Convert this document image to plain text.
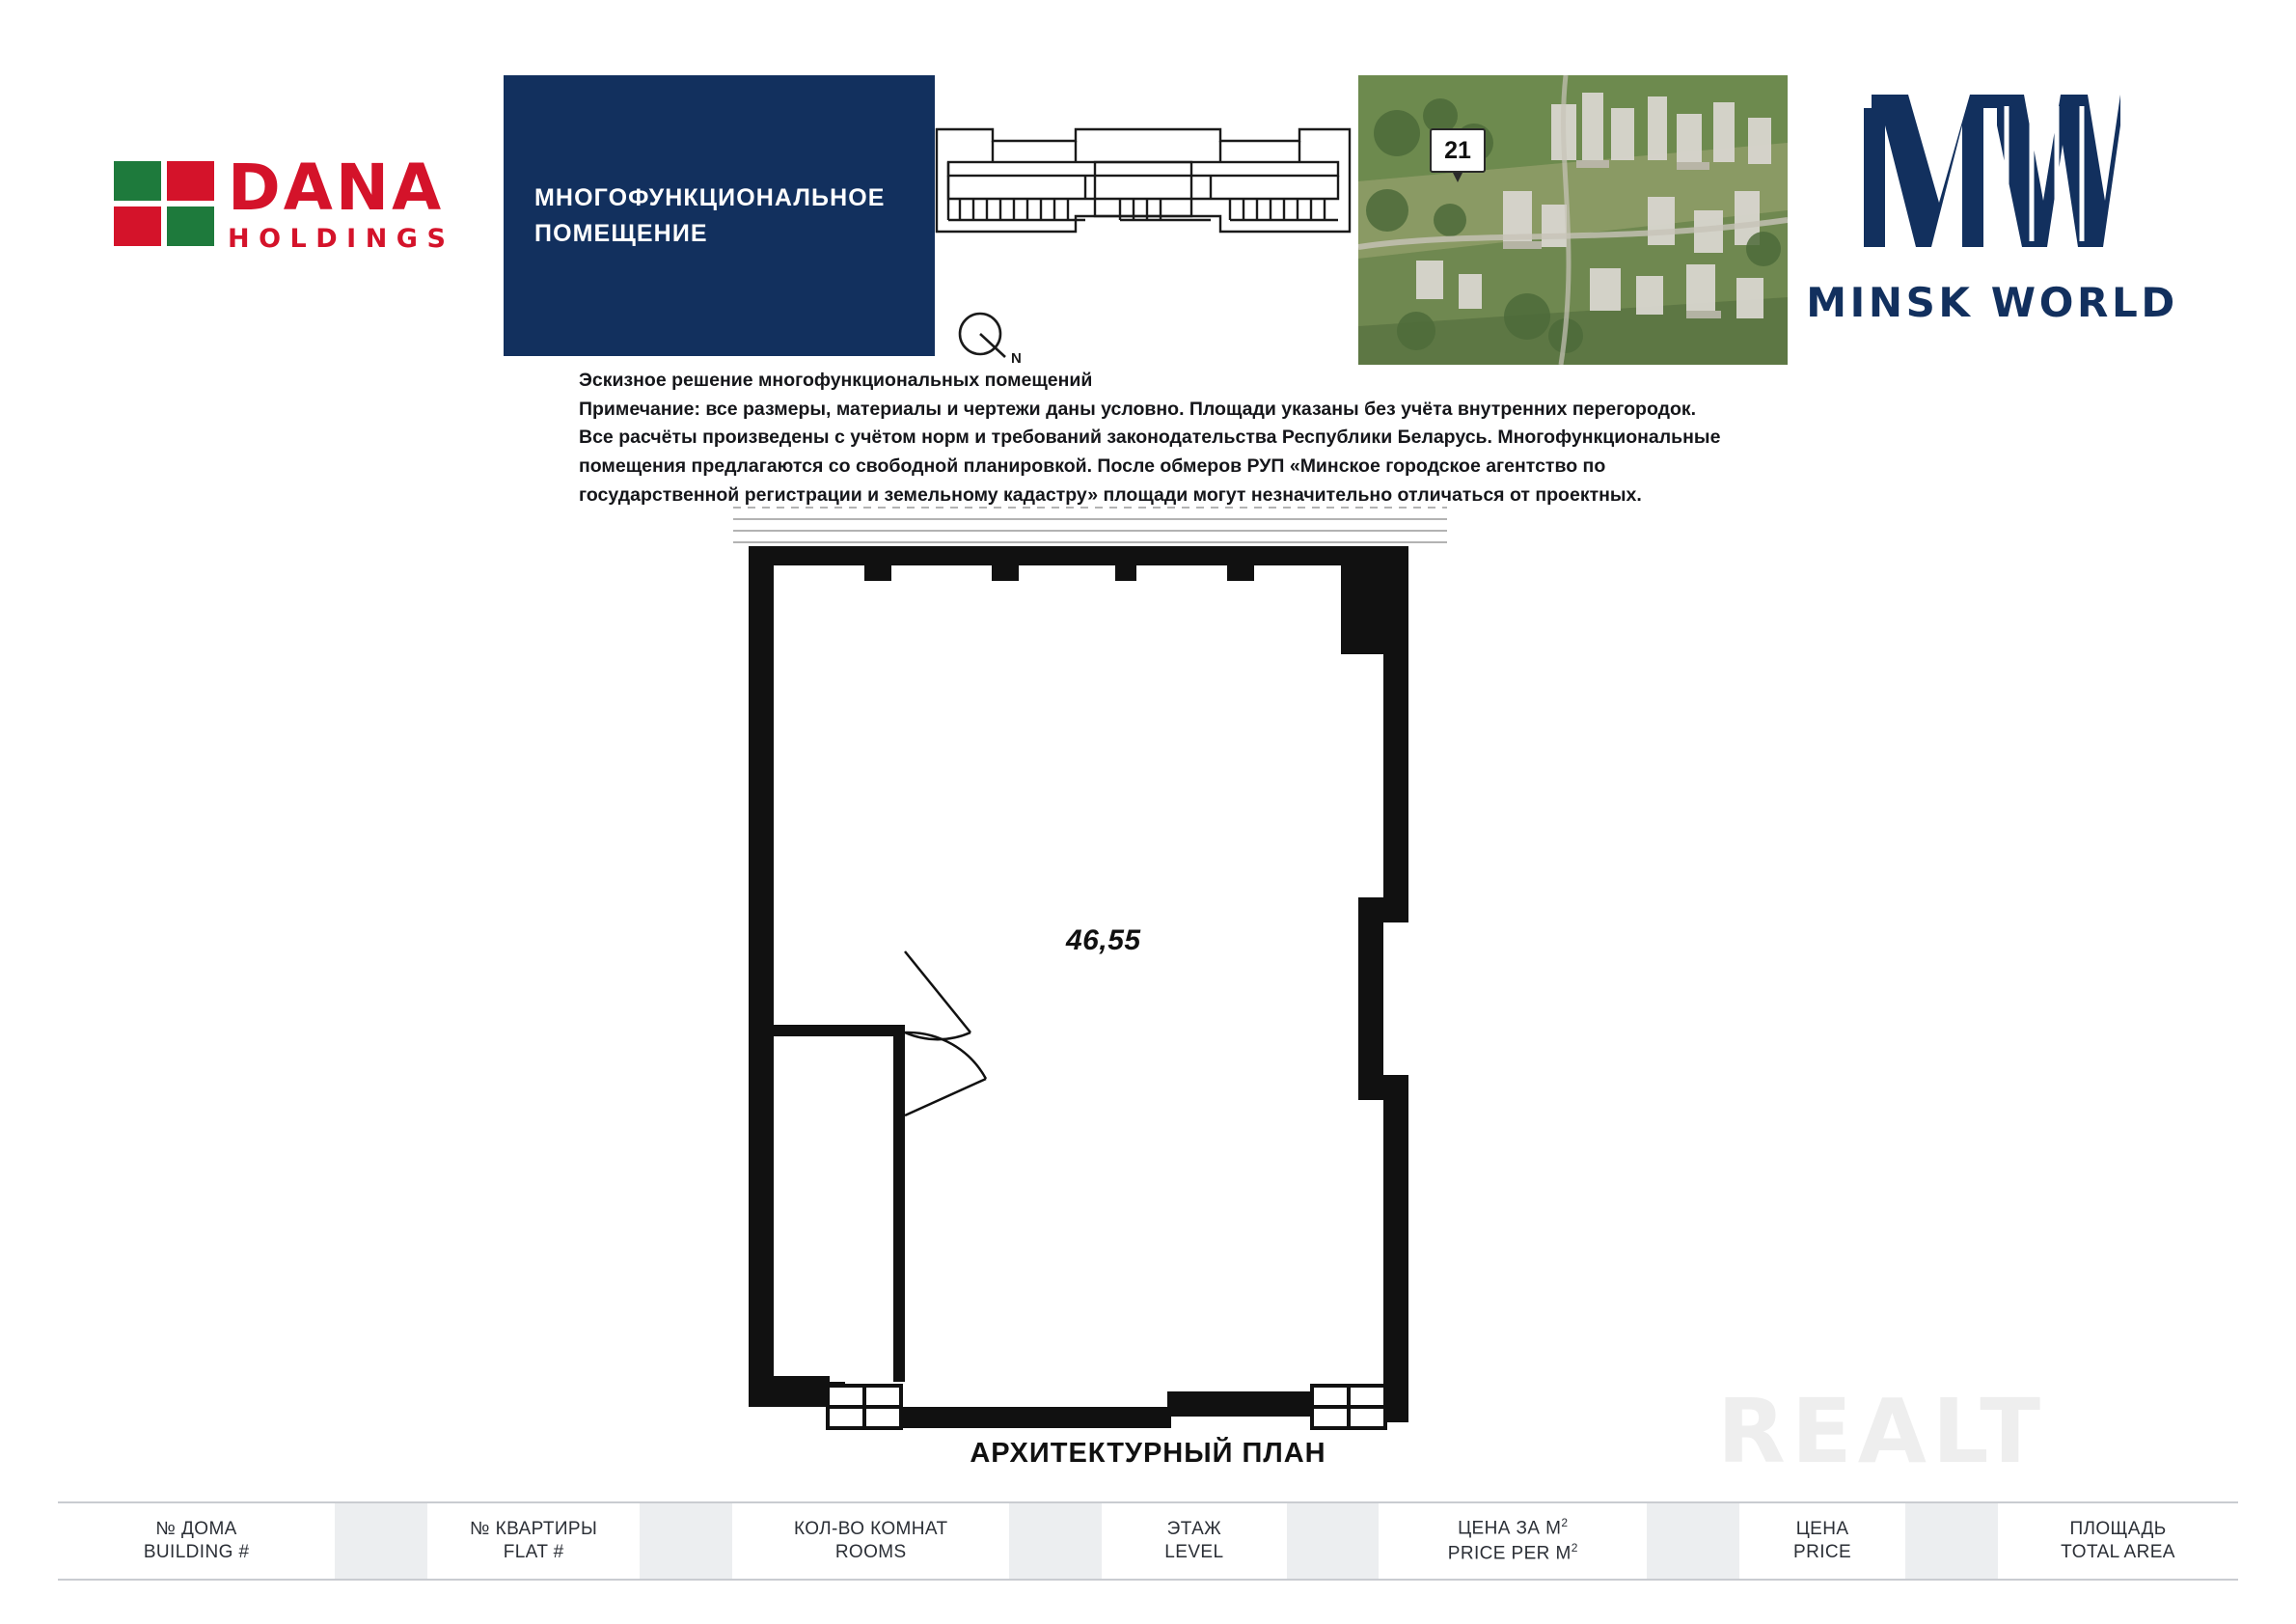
DANA
HOLDINGS
МНОГОФУНКЦИОНАЛЬНОЕ
ПОМЕЩЕНИЕ
N
21
MINSK WORLD

Эскизное решение многофункциональных помещений

Примечание: все размеры, материалы и чертежи даны условно. Площади указаны без учёта внутренних перегородок.

Все расчёты произведены с учётом норм и требований законодательства Республики Беларусь. Многофункциональные

помещения предлагаются со свободной планировкой. После обмеров РУП «Минское городское агентство по

государственной регистрации и земельному кадастру» площади могут незначительно отличаться от проектных.

46,55
АРХИТЕКТУРНЫЙ ПЛАН	REALT
№ ДОМА
BUILDING #
№ КВАРТИРЫ
FLAT #
КОЛ-ВО КОМНАТ
ROOMS
ЭТАЖ
LEVEL
ЦЕНА ЗА $М^2$
PRICE PER $M^2$
ЦЕНА
PRICE
ПЛОЩАДЬ
TOTAL AREA
